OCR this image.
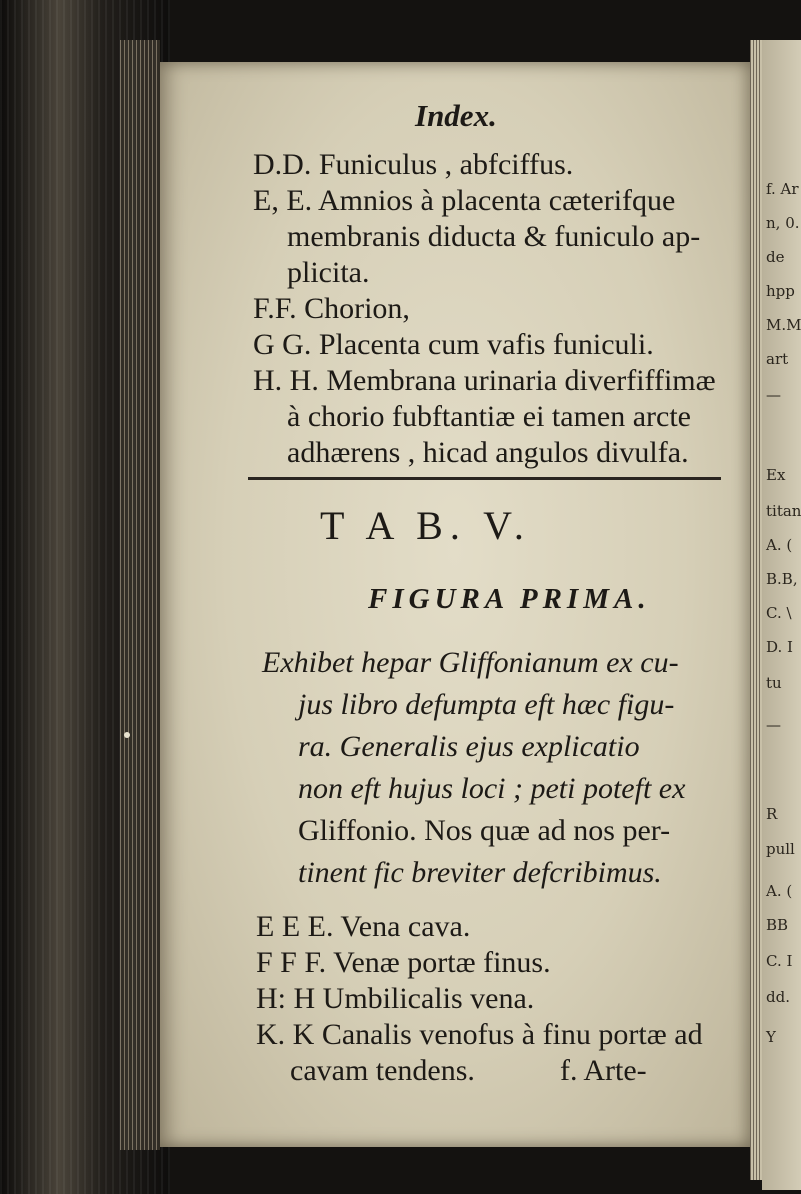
f. Ar
n, 0.
de
hpp
M.M
art
—
Ex
titan
A. (
B.B,
C. \
D. I
tu
—
R
pull
A. (
BB
C. I
dd.
Y
Index.
D.D. Funiculus , abfciffus.
E, E. Amnios à placenta cæterifque
membranis diducta & funiculo ap-
plicita.
F.F. Chorion,
G G. Placenta cum vafis funiculi.
H. H. Membrana urinaria diverfiffimæ
à chorio fubftantiæ ei tamen arcte
adhærens , hicad angulos divulfa.
T A B. V.
FIGURA PRIMA.
Exhibet hepar Gliffonianum ex cu-
jus libro defumpta eft hæc figu-
ra. Generalis ejus explicatio
non eft hujus loci ; peti poteft ex
Gliffonio. Nos quæ ad nos per-
tinent fic breviter defcribimus.
E E E. Vena cava.
F F F. Venæ portæ finus.
H: H Umbilicalis vena.
K. K Canalis venofus à finu portæ ad
cavam tendens.	f. Arte-
